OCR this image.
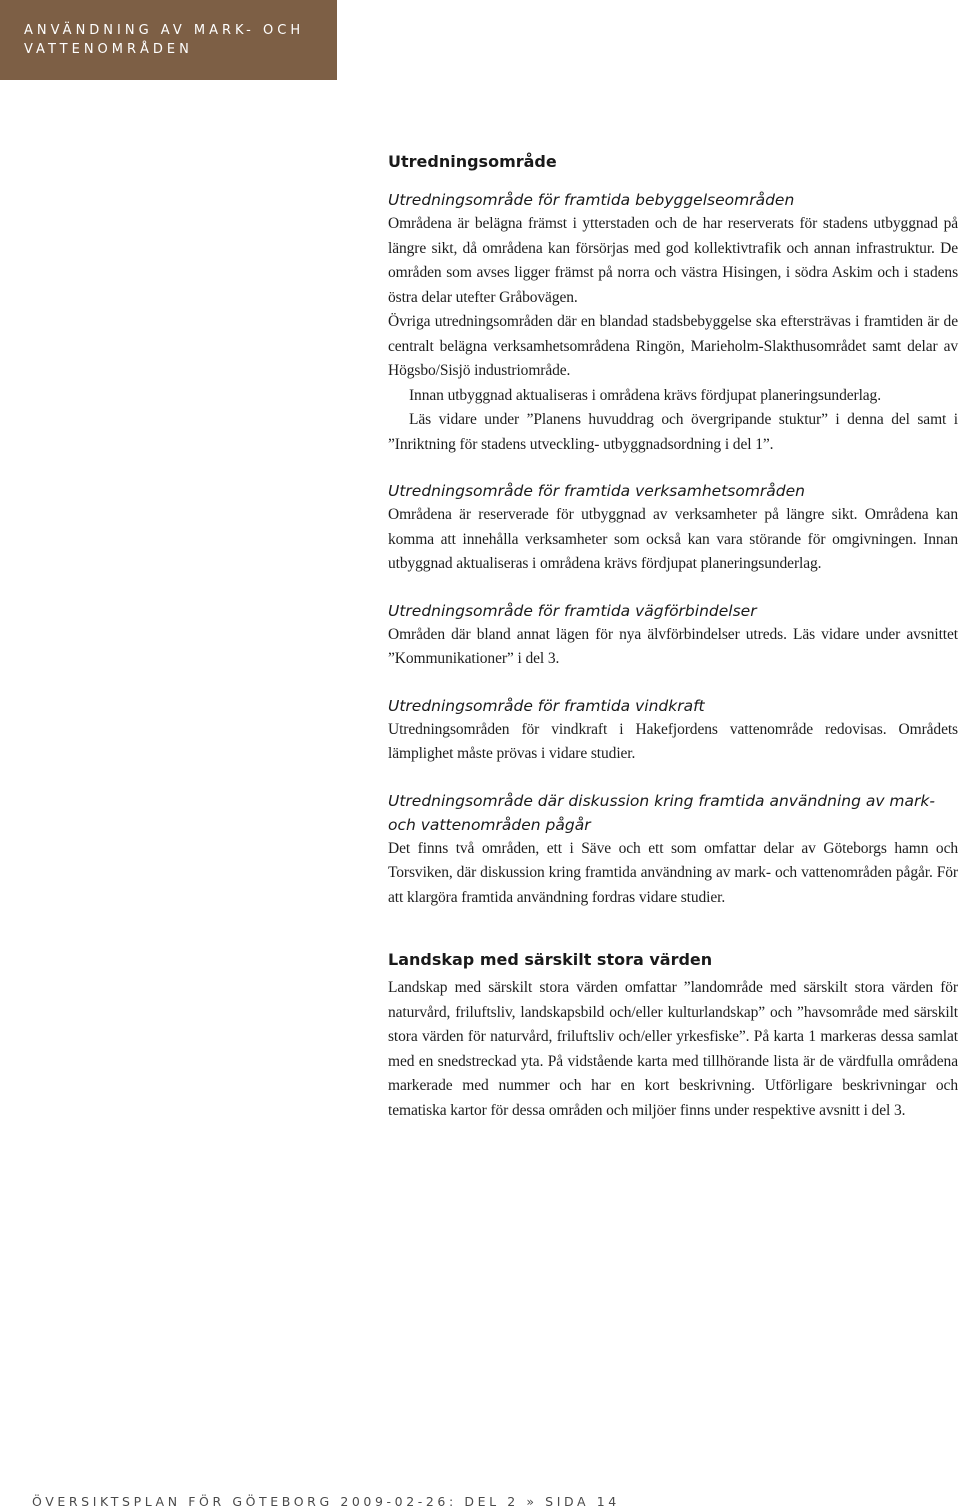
ANVÄNDNING AV MARK- OCH
VATTENOMRÅDEN
Utredningsområde
Utredningsområde för framtida bebyggelseområden

Områdena är belägna främst i ytterstaden och de har reserverats för stadens utbyggnad på längre sikt, då områdena kan försörjas med god kollektivtrafik och annan infrastruktur. De områden som avses ligger främst på norra och västra Hisingen, i södra Askim och i stadens östra delar utefter Gråbovägen.

Övriga utredningsområden där en blandad stadsbebyggelse ska eftersträvas i framtiden är de centralt belägna verksamhetsområdena Ringön, Marieholm-Slakthusområdet samt delar av Högsbo/Sisjö industriområde.

Innan utbyggnad aktualiseras i områdena krävs fördjupat planeringsunderlag.

Läs vidare under ”Planens huvuddrag och övergripande stuktur” i denna del samt i ”Inriktning för stadens utveckling- utbyggnadsordning i del 1”.

Utredningsområde för framtida verksamhetsområden

Områdena är reserverade för utbyggnad av verksamheter på längre sikt. Områdena kan komma att innehålla verksamheter som också kan vara störande för omgivningen. Innan utbyggnad aktualiseras i områdena krävs fördjupat planeringsunderlag.

Utredningsområde för framtida vägförbindelser

Områden där bland annat lägen för nya älvförbindelser utreds. Läs vidare under avsnittet ”Kommunikationer” i del 3.

Utredningsområde för framtida vindkraft

Utredningsområden för vindkraft i Hakefjordens vattenområde redovisas. Områdets lämplighet måste prövas i vidare studier.

Utredningsområde där diskussion kring framtida användning av mark- och vattenområden pågår

Det finns två områden, ett i Säve och ett som omfattar delar av Göteborgs hamn och Torsviken, där diskussion kring framtida användning av mark- och vattenområden pågår. För att klargöra framtida användning fordras vidare studier.

Landskap med särskilt stora värden

Landskap med särskilt stora värden omfattar ”landområde med särskilt stora värden för naturvård, friluftsliv, landskapsbild och/eller kulturlandskap” och ”havsområde med särskilt stora värden för naturvård, friluftsliv och/eller yrkesfiske”. På karta 1 markeras dessa samlat med en snedstreckad yta. På vidstående karta med tillhörande lista är de värdfulla områdena markerade med nummer och har en kort beskrivning. Utförligare beskrivningar och tematiska kartor för dessa områden och miljöer finns under respektive avsnitt i del 3.

ÖVERSIKTSPLAN FÖR GÖTEBORG 2009-02-26: DEL 2 » SIDA 14
